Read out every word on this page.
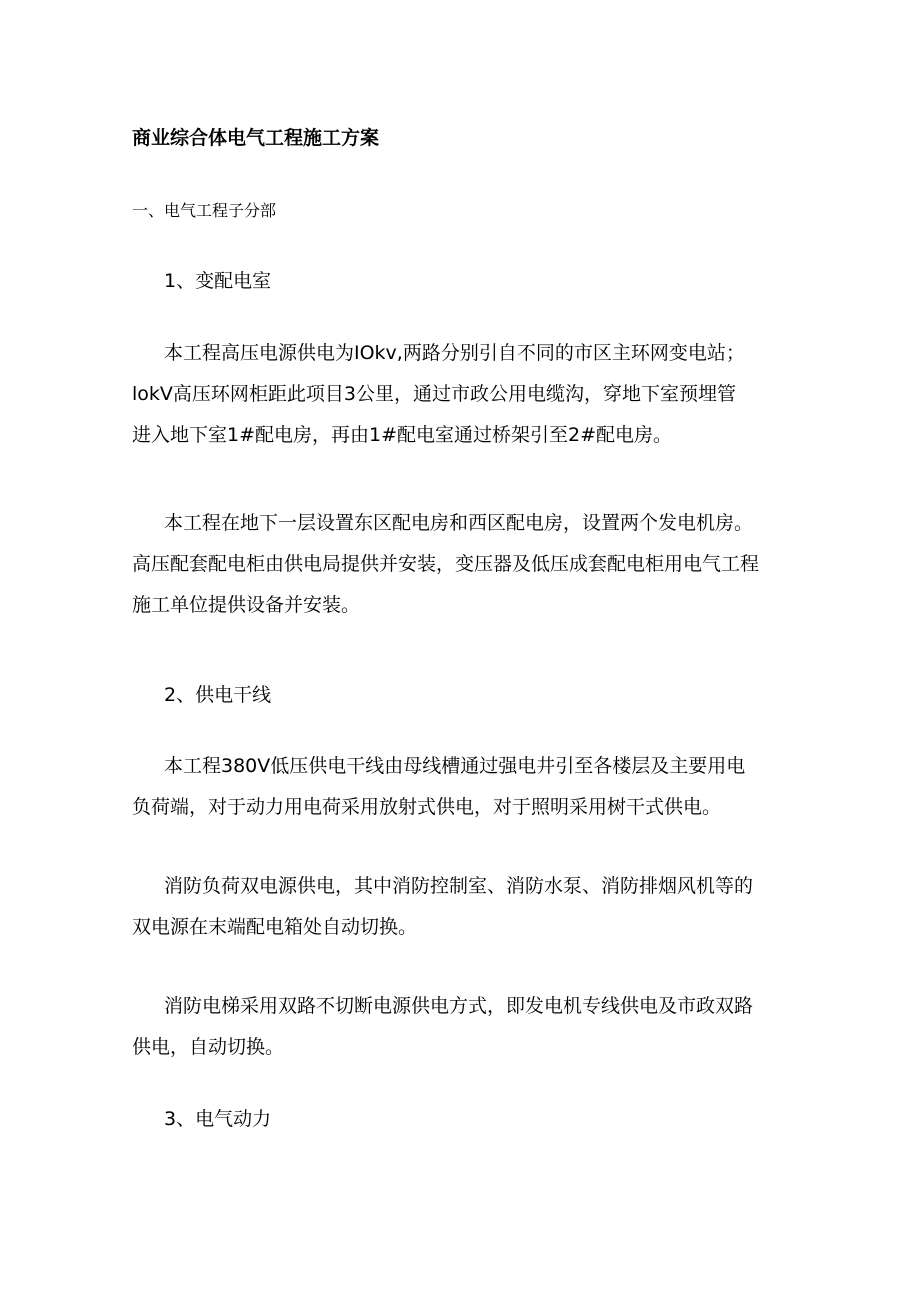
商业综合体电气工程施工方案
一、电气工程子分部
1、变配电室
本工程高压电源供电为IOkv,两路分别引自不同的市区主环网变电站；
lokV高压环网柜距此项目3公里，通过市政公用电缆沟，穿地下室预埋管
进入地下室1#配电房，再由1#配电室通过桥架引至2#配电房。
本工程在地下一层设置东区配电房和西区配电房，设置两个发电机房。
高压配套配电柜由供电局提供并安装，变压器及低压成套配电柜用电气工程
施工单位提供设备并安装。
2、供电干线
本工程380V低压供电干线由母线槽通过强电井引至各楼层及主要用电
负荷端，对于动力用电荷采用放射式供电，对于照明采用树干式供电。
消防负荷双电源供电，其中消防控制室、消防水泵、消防排烟风机等的
双电源在末端配电箱处自动切换。
消防电梯采用双路不切断电源供电方式，即发电机专线供电及市政双路
供电，自动切换。
3、电气动力
